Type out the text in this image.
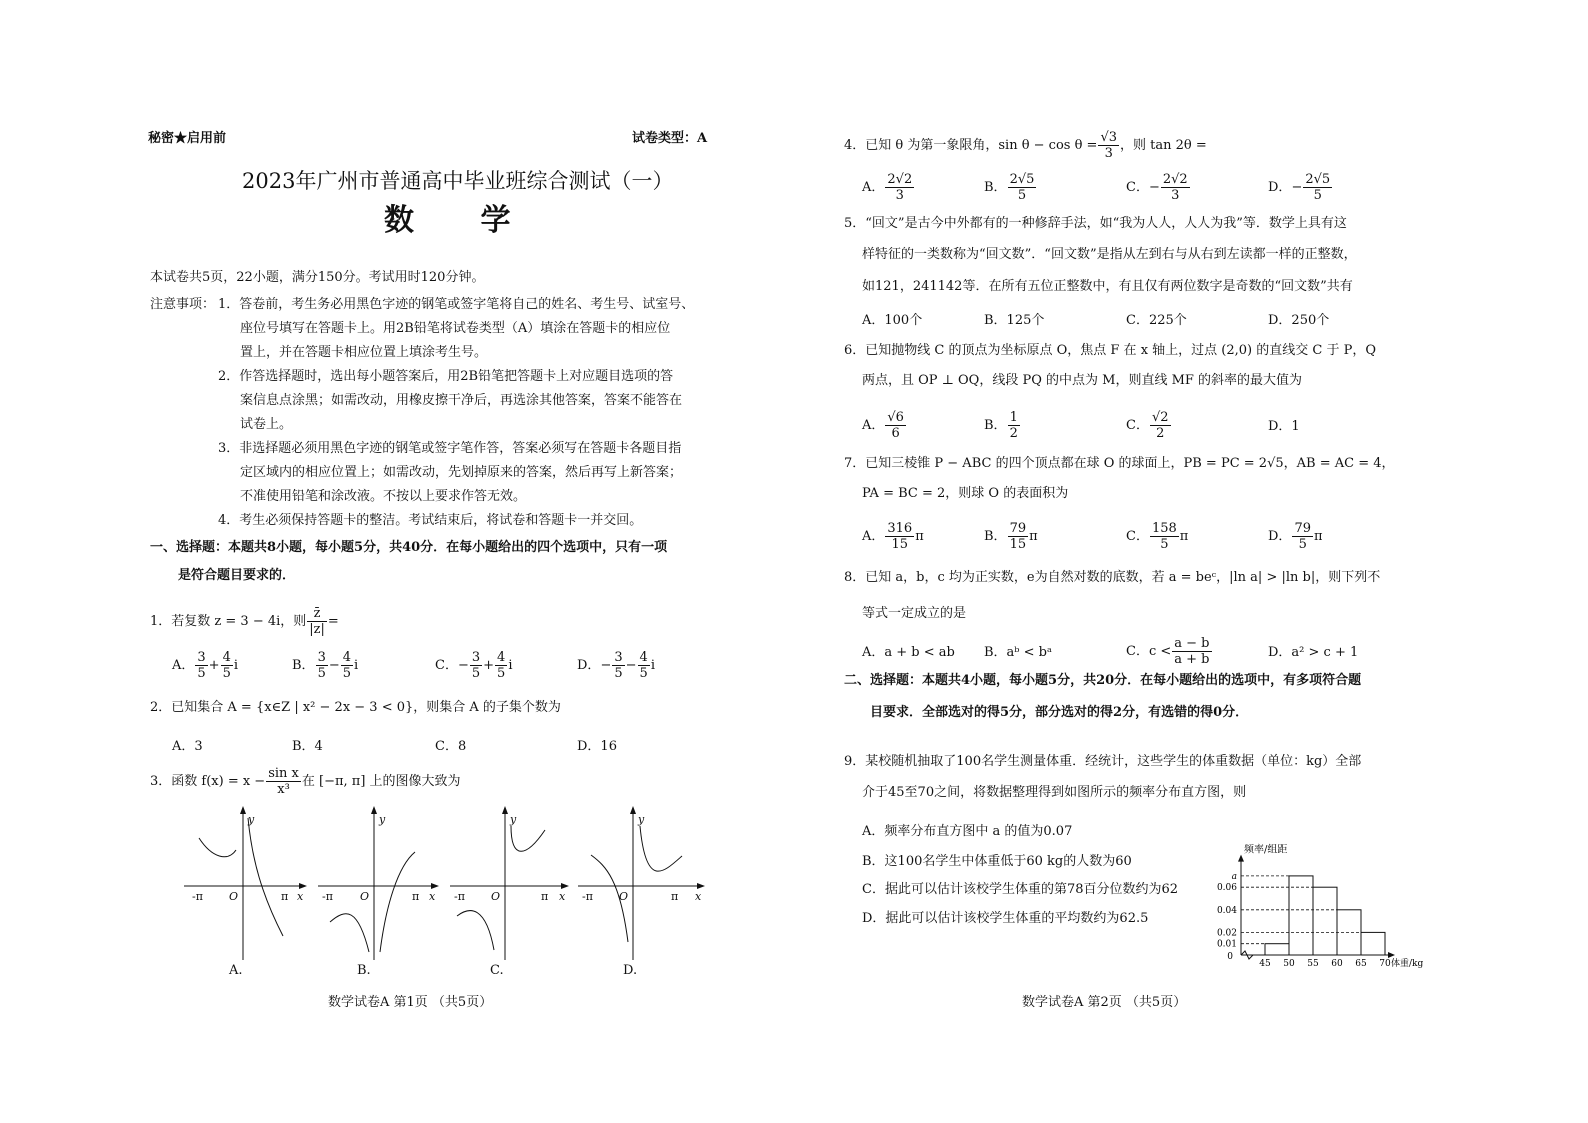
秘密★启用前	试卷类型：A
2023年广州市普通高中毕业班综合测试（一）
数 学
本试卷共5页，22小题，满分150分。考试用时120分钟。
注意事项： 1．答卷前，考生务必用黑色字迹的钢笔或签字笔将自己的姓名、考生号、试室号、
座位号填写在答题卡上。用2B铅笔将试卷类型（A）填涂在答题卡的相应位
置上，并在答题卡相应位置上填涂考生号。
2．作答选择题时，选出每小题答案后，用2B铅笔把答题卡上对应题目选项的答
案信息点涂黑；如需改动，用橡皮擦干净后，再选涂其他答案，答案不能答在
试卷上。
3．非选择题必须用黑色字迹的钢笔或签字笔作答，答案必须写在答题卡各题目指
定区域内的相应位置上；如需改动，先划掉原来的答案，然后再写上新答案；
不准使用铅笔和涂改液。不按以上要求作答无效。
4．考生必须保持答题卡的整洁。考试结束后，将试卷和答题卡一并交回。
一、选择题：本题共8小题，每小题5分，共40分．在每小题给出的四个选项中，只有一项
是符合题目要求的．
1．若复数 z = 3 − 4i，则 $\frac{z̄}{|z|}$ =
A． $\frac{3}{5} + \frac{4}{5}$ i	B． $\frac{3}{5} - \frac{4}{5}$ i	C．− $\frac{3}{5} + \frac{4}{5}$ i	D．− $\frac{3}{5} - \frac{4}{5}$ i
2．已知集合 A = {x∈Z | x² − 2x − 3 < 0}，则集合 A 的子集个数为
A．3	B．4	C．8	D．16
3．函数 $f(x) = x - \frac{\text{sin x}}{\text{x³}}$ 在 [−π, π] 上的图像大致为
y
x
O
-π	π
y
x
O
-π	π
y
x
O
-π	π
y
x
O
-π	π
A.	B.	C.	D.
数学试卷A 第1页 （共5页）
4．已知 θ 为第一象限角，$\sin \theta - \cos \theta = \frac{√3}{3}$ ，则 tan 2θ =
A． $\frac{2√2}{3}$	B． $\frac{2√5}{5}$	C．− $\frac{2√2}{3}$	D．− $\frac{2√5}{5}$
5．“回文”是古今中外都有的一种修辞手法，如“我为人人，人人为我”等．数学上具有这
样特征的一类数称为“回文数”．“回文数”是指从左到右与从右到左读都一样的正整数，
如121，241142等．在所有五位正整数中，有且仅有两位数字是奇数的“回文数”共有
A．100个	B．125个	C．225个	D．250个
6．已知抛物线 C 的顶点为坐标原点 O，焦点 F 在 x 轴上，过点 (2,0) 的直线交 C 于 P，Q
两点，且 OP ⊥ OQ，线段 PQ 的中点为 M，则直线 MF 的斜率的最大值为
A． $\frac{√6}{6}$	B． $\frac{1}{2}$	C． $\frac{√2}{2}$	D．1
7．已知三棱锥 P − ABC 的四个顶点都在球 O 的球面上，PB = PC = 2√5，AB = AC = 4，
PA = BC = 2，则球 O 的表面积为
A． $\frac{316}{15}$ π	B． $\frac{79}{15}$ π	C． $\frac{158}{5}$ π	D． $\frac{79}{5}$ π
8．已知 a，b，c 均为正实数，e为自然对数的底数，若 a = beᶜ，|ln a| > |ln b|，则下列不
等式一定成立的是
A．a + b < ab B．aᵇ < bᵃ	C．$c < \frac{a - b}{a + b}$	D．a² > c + 1
二、选择题：本题共4小题，每小题5分，共20分．在每小题给出的选项中，有多项符合题
目要求．全部选对的得5分，部分选对的得2分，有选错的得0分．
9．某校随机抽取了100名学生测量体重．经统计，这些学生的体重数据（单位：kg）全部
介于45至70之间，将数据整理得到如图所示的频率分布直方图，则
A．频率分布直方图中 a 的值为0.07
B．这100名学生中体重低于60 kg的人数为60
C．据此可以估计该校学生体重的第78百分位数约为62
D．据此可以估计该校学生体重的平均数约为62.5
0.01
0.02
0.04
0.06
a
45 50 55 60 65 70
0
体重/kg
频率/组距
数学试卷A 第2页 （共5页）
